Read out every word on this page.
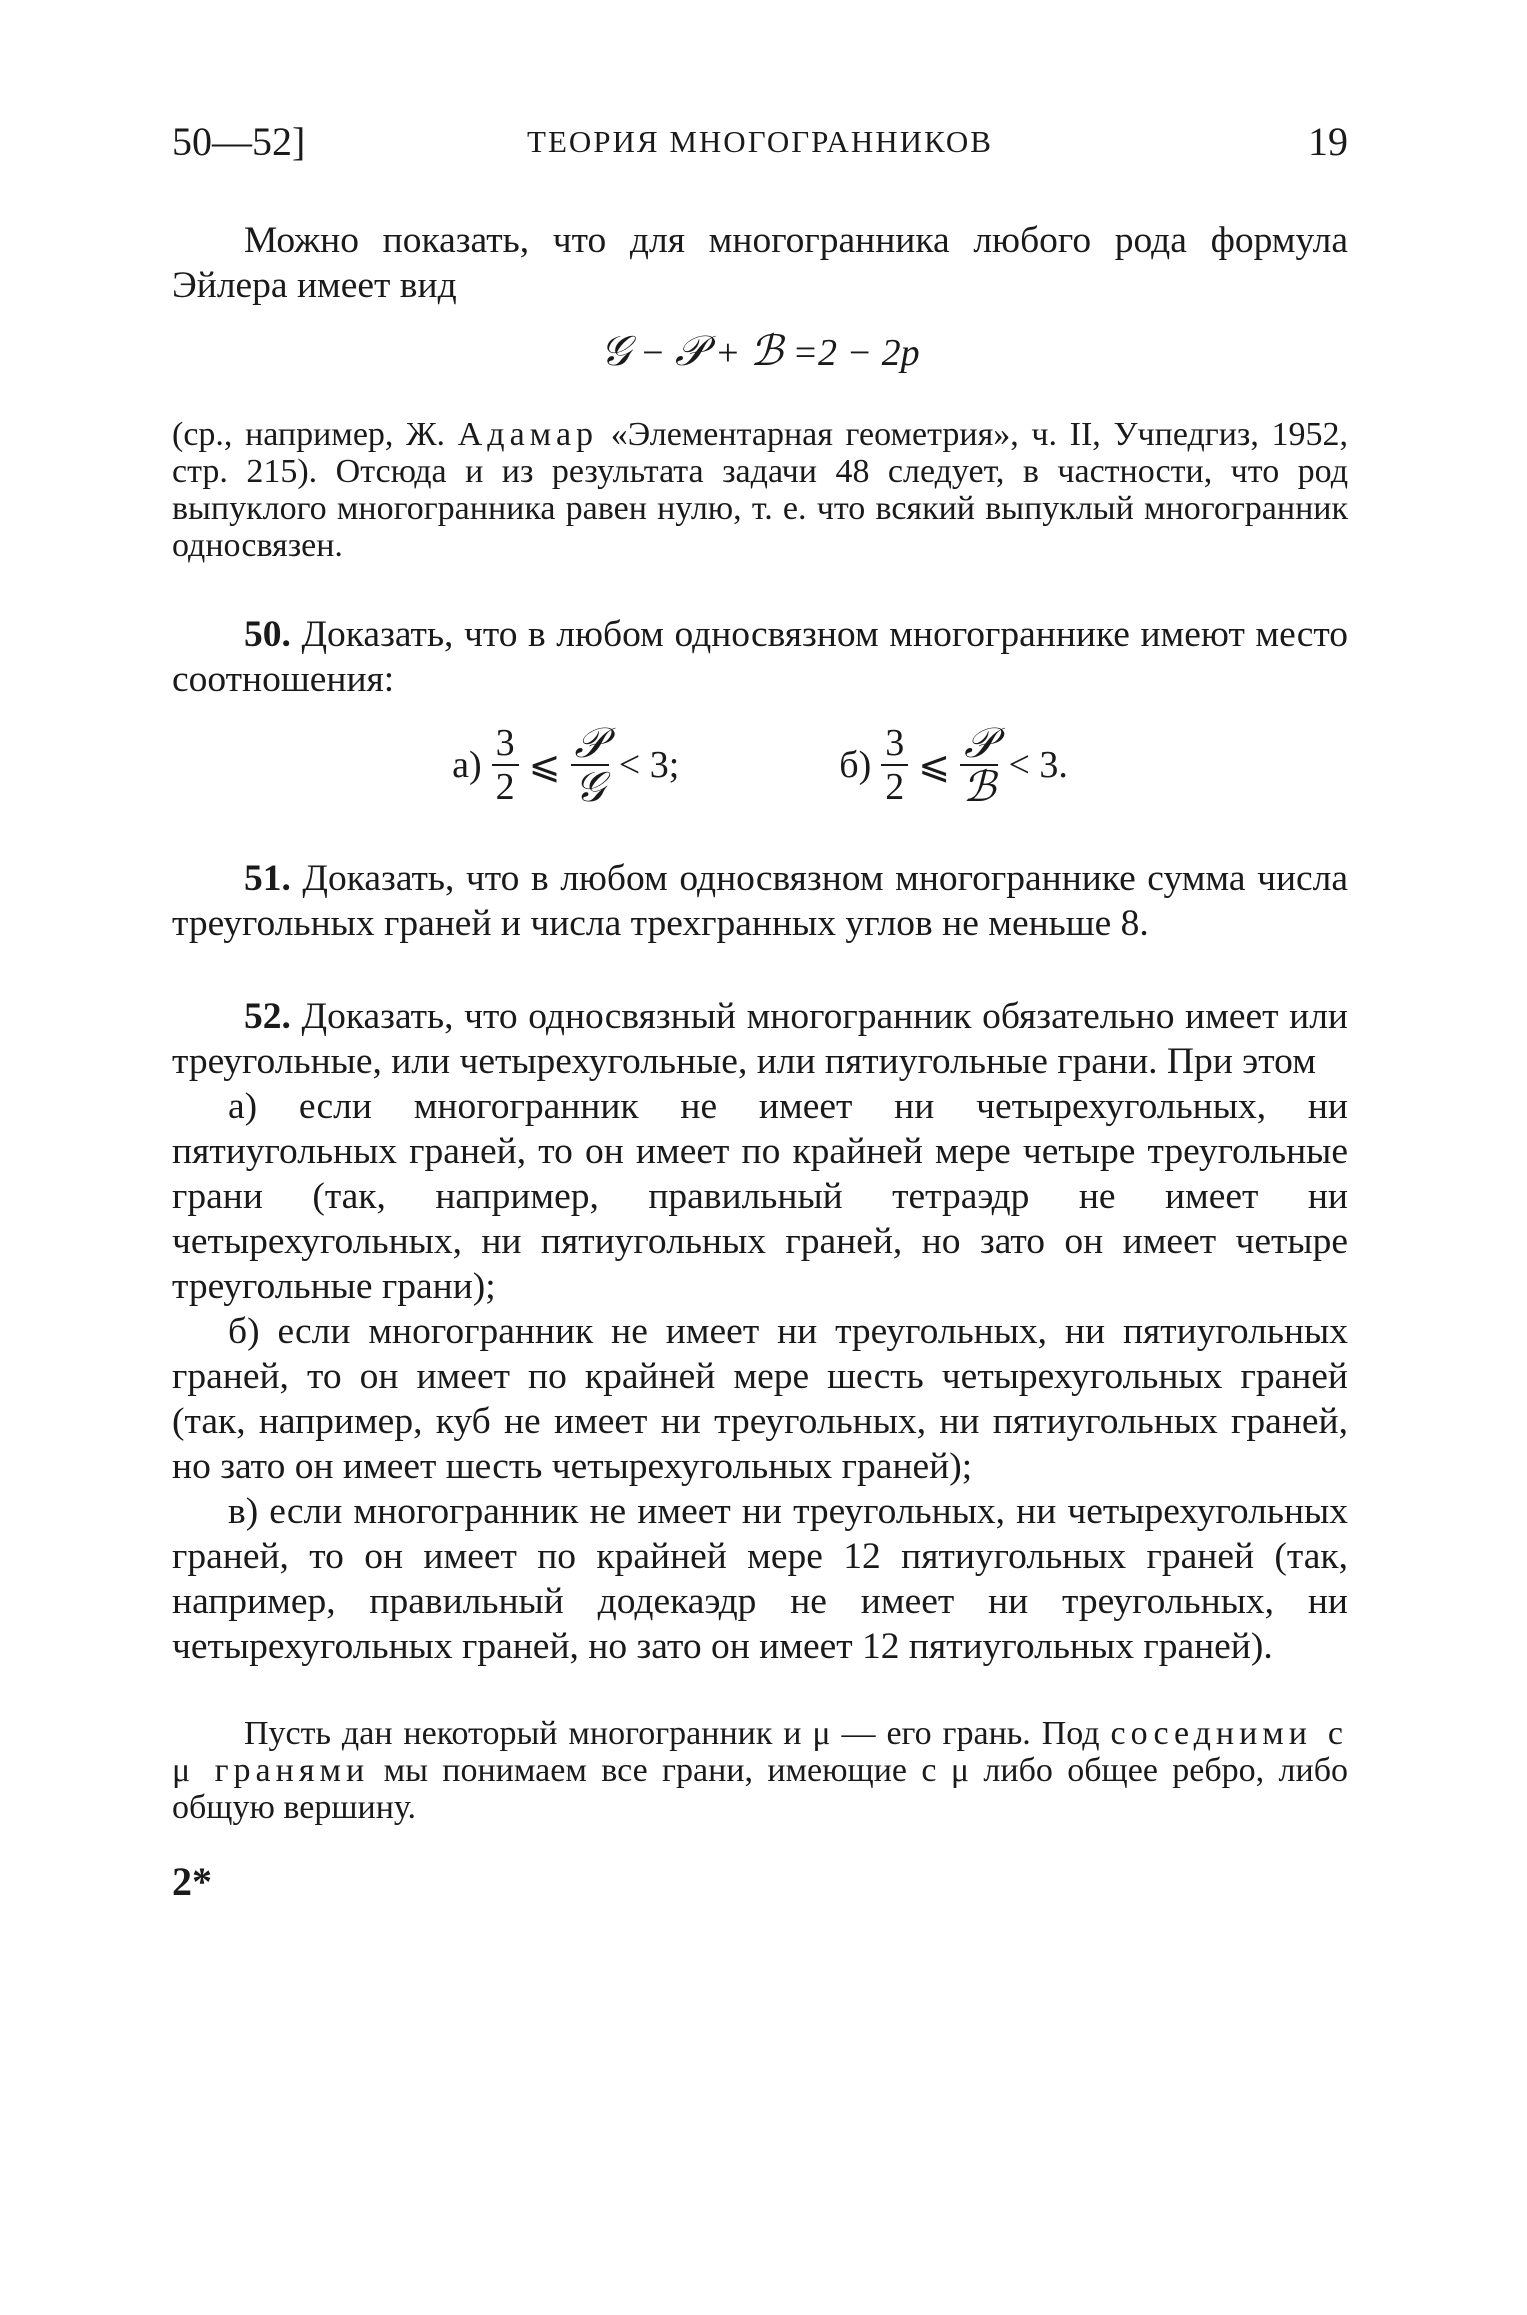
50—52]	ТЕОРИЯ МНОГОГРАННИКОВ	19

Можно показать, что для многогранника любого рода формула Эйлера имеет вид

𝒢 − 𝒫 + ℬ =2 − 2p

(ср., например, Ж. Адамар «Элементарная геометрия», ч. II, Учпедгиз, 1952, стр. 215). Отсюда и из результата задачи 48 следует, в частности, что род выпуклого многогранника равен нулю, т. е. что всякий выпуклый многогранник односвязен.

50. Доказать, что в любом односвязном многограннике имеют место соотношения:

$а) \frac{3}{2}$ ⩽ $\frac{\text{𝒫}}{\text{𝒢}} < 3$;	$б) \frac{3}{2}$ ⩽ $\frac{\text{𝒫}}{\text{ℬ}} < 3$.

51. Доказать, что в любом односвязном многограннике сумма числа треугольных граней и числа трехгранных углов не меньше 8.

52. Доказать, что односвязный многогранник обязательно имеет или треугольные, или четырехугольные, или пятиугольные грани. При этом

а) если многогранник не имеет ни четырехугольных, ни пятиугольных граней, то он имеет по крайней мере четыре треугольные грани (так, например, правильный тетраэдр не имеет ни четырехугольных, ни пятиугольных граней, но зато он имеет четыре треугольные грани);

б) если многогранник не имеет ни треугольных, ни пятиугольных граней, то он имеет по крайней мере шесть четырехугольных граней (так, например, куб не имеет ни треугольных, ни пятиугольных граней, но зато он имеет шесть четырехугольных граней);

в) если многогранник не имеет ни треугольных, ни четырехугольных граней, то он имеет по крайней мере 12 пятиугольных граней (так, например, правильный додекаэдр не имеет ни треугольных, ни четырехугольных граней, но зато он имеет 12 пятиугольных граней).

Пусть дан некоторый многогранник и μ — его грань. Под соседними с μ гранями мы понимаем все грани, имеющие с μ либо общее ребро, либо общую вершину.

2*
